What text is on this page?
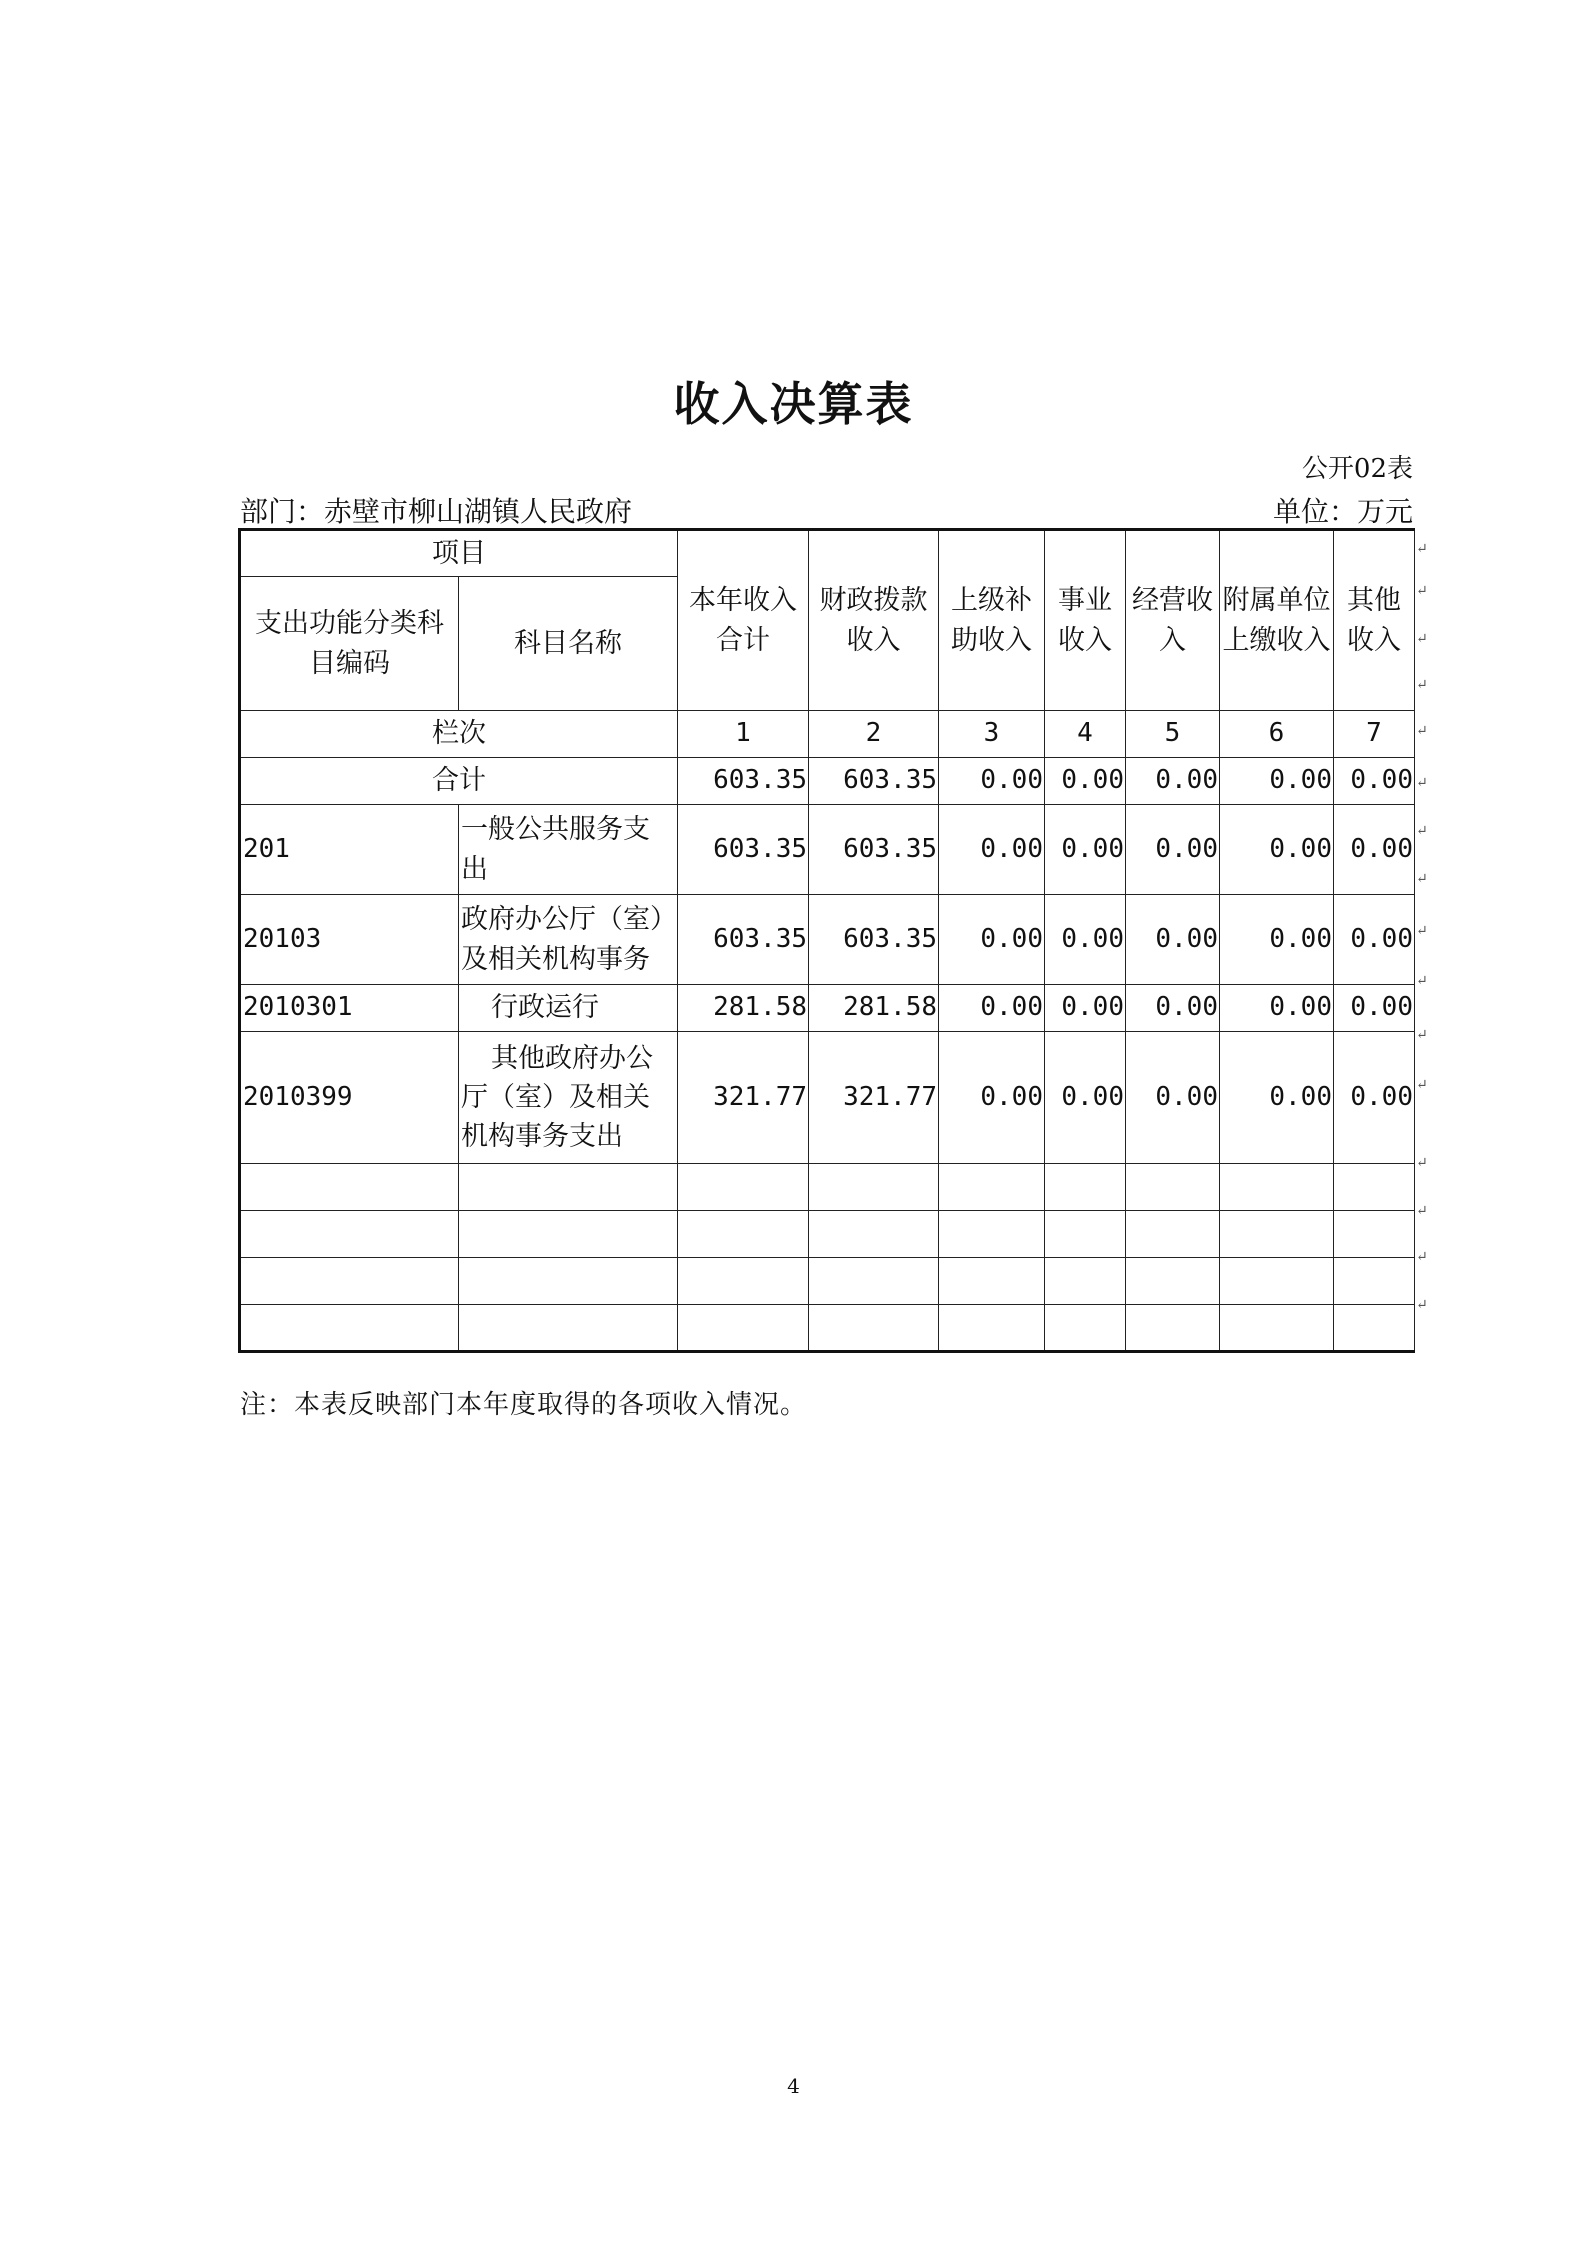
收入决算表
公开02表
部门：赤壁市柳山湖镇人民政府	单位：万元
项目		本年收入合计	财政拨款收入	上级补助收入	事业收入	经营收入	附属单位上缴收入	其他收入
支出功能分类科目编码	科目名称							
栏次		1	2	3	4	5	6	7
合计		603.35	603.35	0.00	0.00	0.00	0.00	0.00
201	一般公共服务支出	603.35	603.35	0.00	0.00	0.00	0.00	0.00
20103	政府办公厅（室）及相关机构事务	603.35	603.35	0.00	0.00	0.00	0.00	0.00
2010301	行政运行	281.58	281.58	0.00	0.00	0.00	0.00	0.00
2010399	其他政府办公厅（室）及相关机构事务支出	321.77	321.77	0.00	0.00	0.00	0.00	0.00

↵
↵
↵
↵
↵
↵
↵
↵
↵
↵
↵
↵
↵
↵
↵
↵
注：本表反映部门本年度取得的各项收入情况。
4
